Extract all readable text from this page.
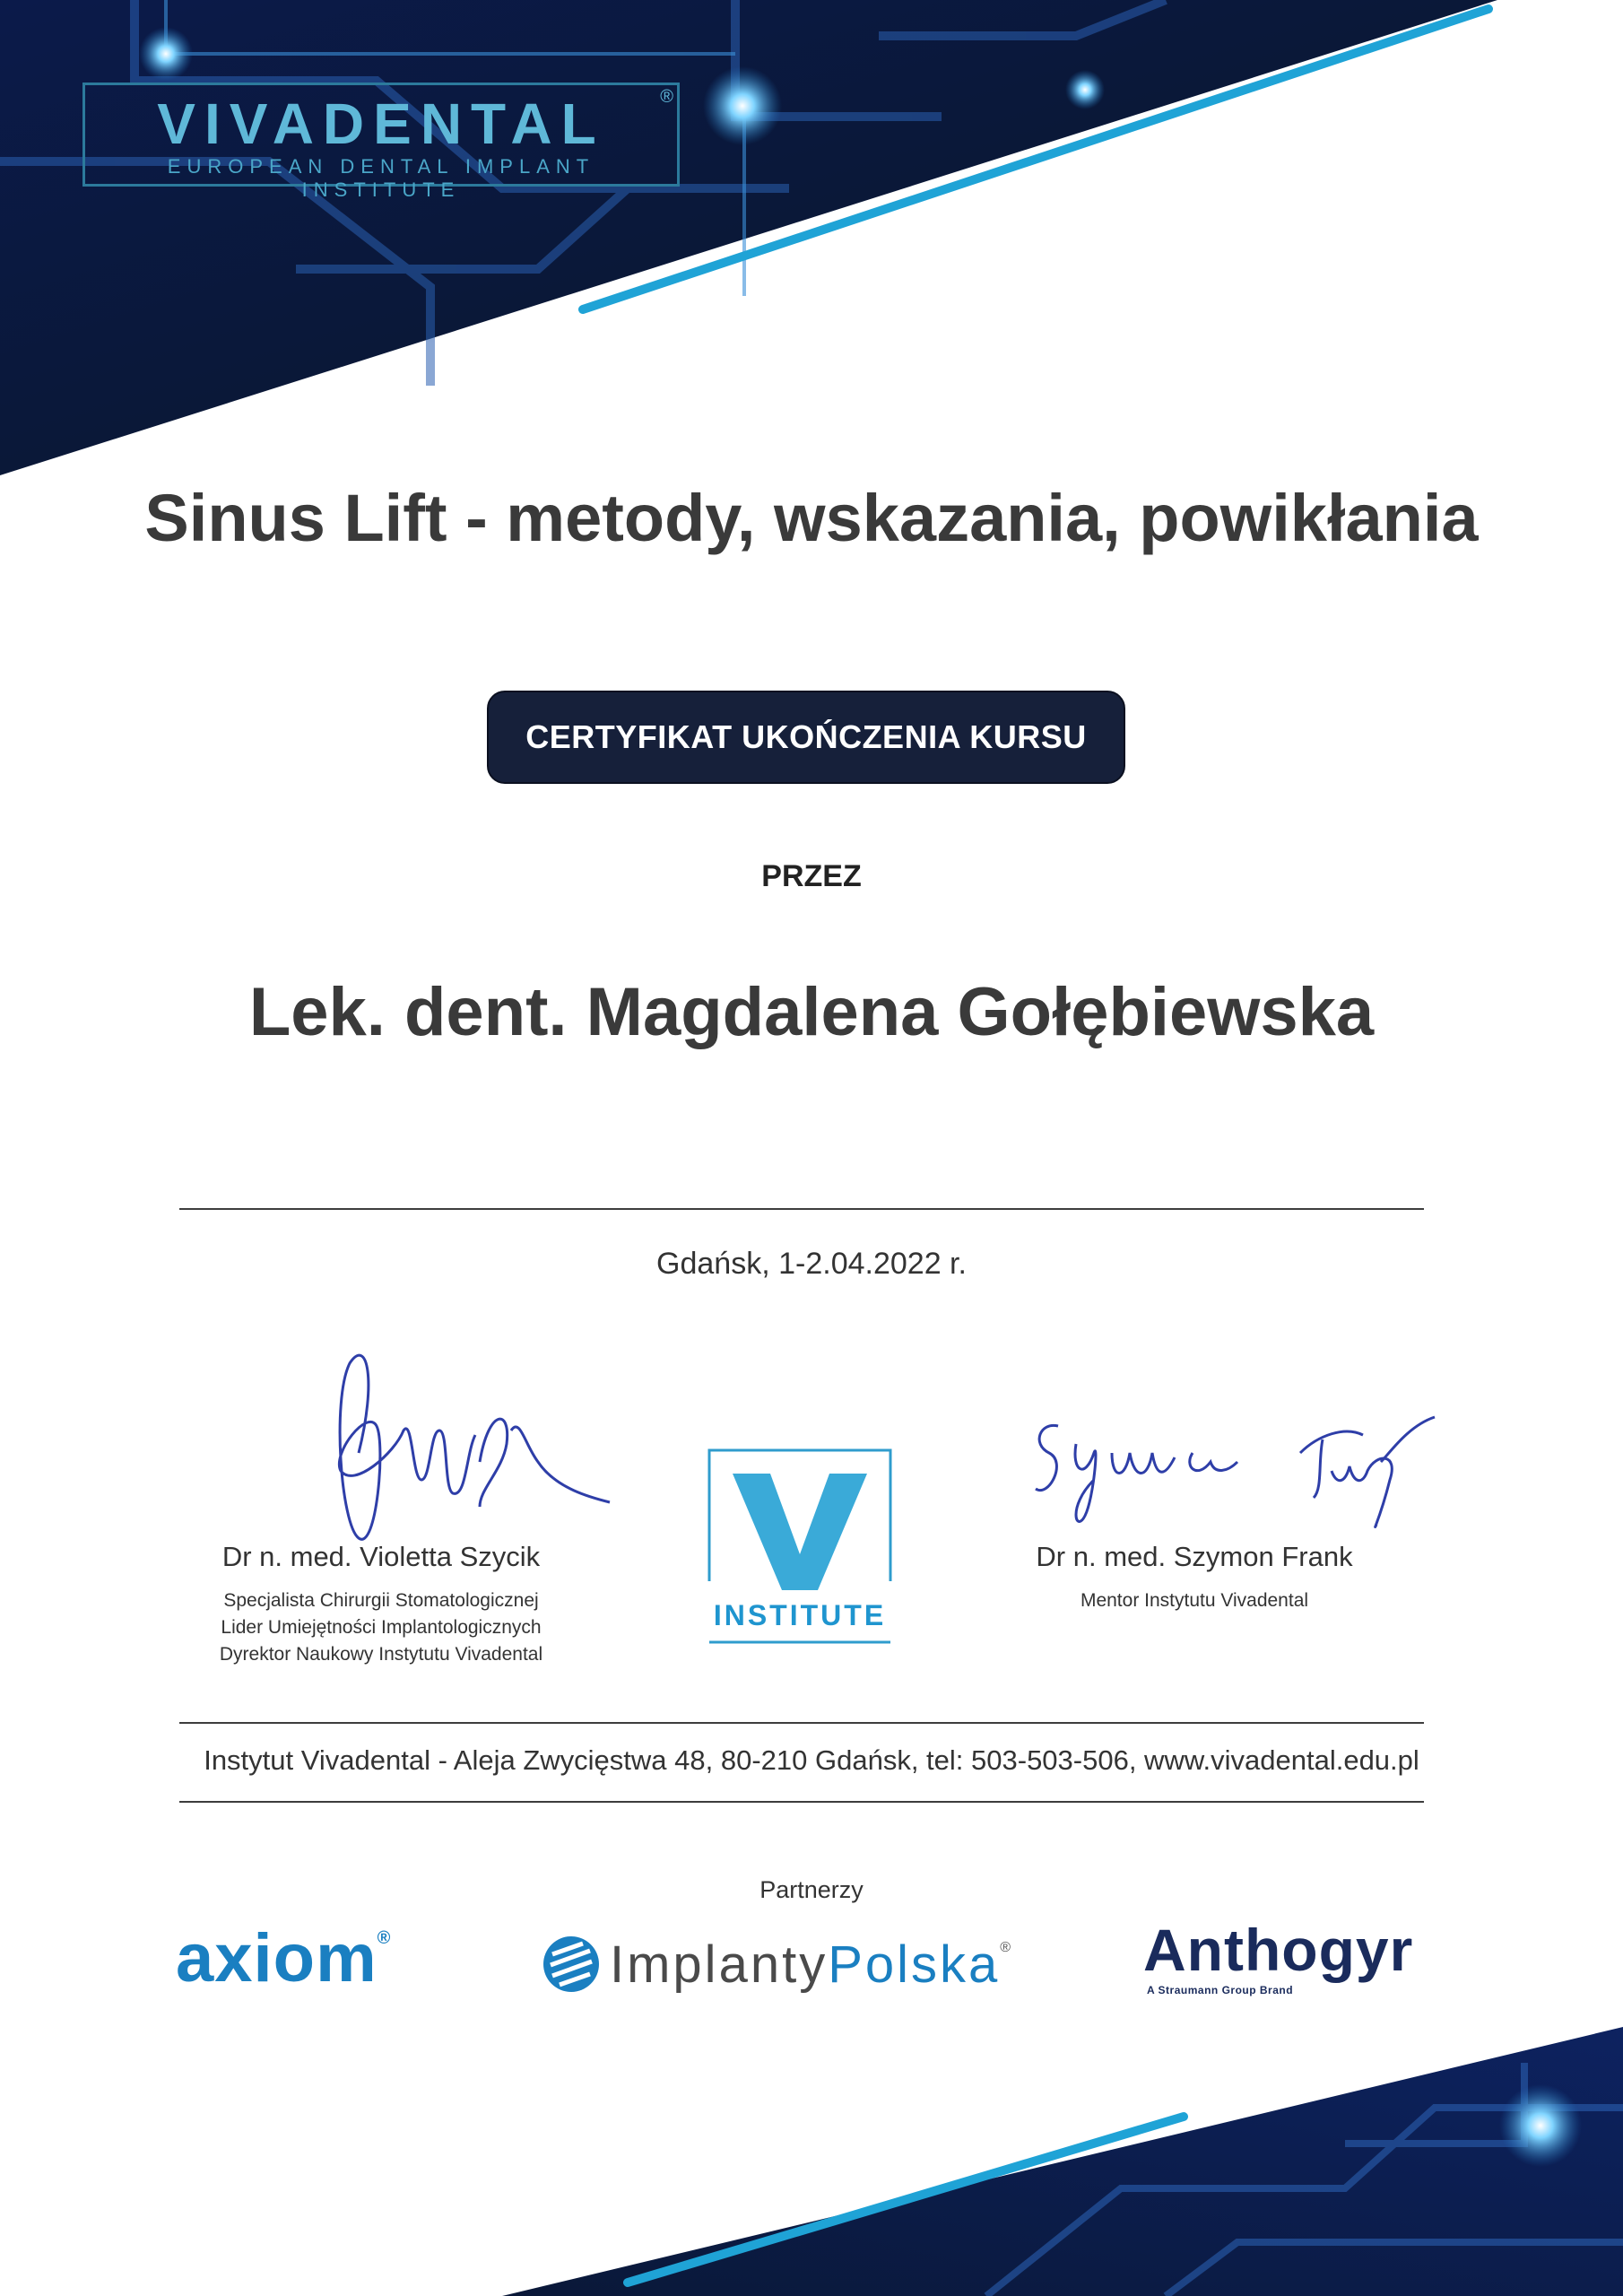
VIVADENTAL
EUROPEAN DENTAL IMPLANT INSTITUTE
®
Sinus Lift - metody, wskazania, powikłania
CERTYFIKAT UKOŃCZENIA KURSU
PRZEZ
Lek. dent. Magdalena Gołębiewska
Gdańsk, 1-2.04.2022 r.
Dr n. med. Violetta Szycik
Specjalista Chirurgii Stomatologicznej
Lider Umiejętności Implantologicznych
Dyrektor Naukowy Instytutu Vivadental
INSTITUTE
Dr n. med. Szymon Frank
Mentor Instytutu Vivadental
Instytut Vivadental - Aleja Zwycięstwa 48, 80-210 Gdańsk, tel: 503-503-506, www.vivadental.edu.pl
Partnerzy
axiom®	Implanty Polska® Anthogyr
A Straumann Group Brand
